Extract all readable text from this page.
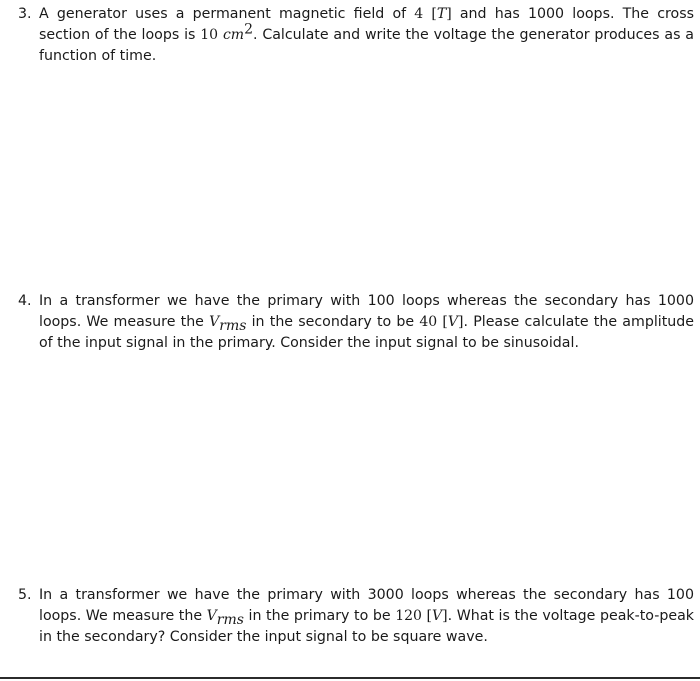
3. A generator uses a permanent magnetic field of 4 [T] and has 1000 loops. The cross section of the loops is 10 $cm^2$. Calculate and write the voltage the generator produces as a function of time.
4. In a transformer we have the primary with 100 loops whereas the secondary has 1000 loops. We measure the $V_{rms}$ in the secondary to be 40 [V]. Please calculate the amplitude of the input signal in the primary. Consider the input signal to be sinusoidal.
5. In a transformer we have the primary with 3000 loops whereas the secondary has 100 loops. We measure the $V_{rms}$ in the primary to be 120 [V]. What is the voltage peak-to-peak in the secondary? Consider the input signal to be square wave.
